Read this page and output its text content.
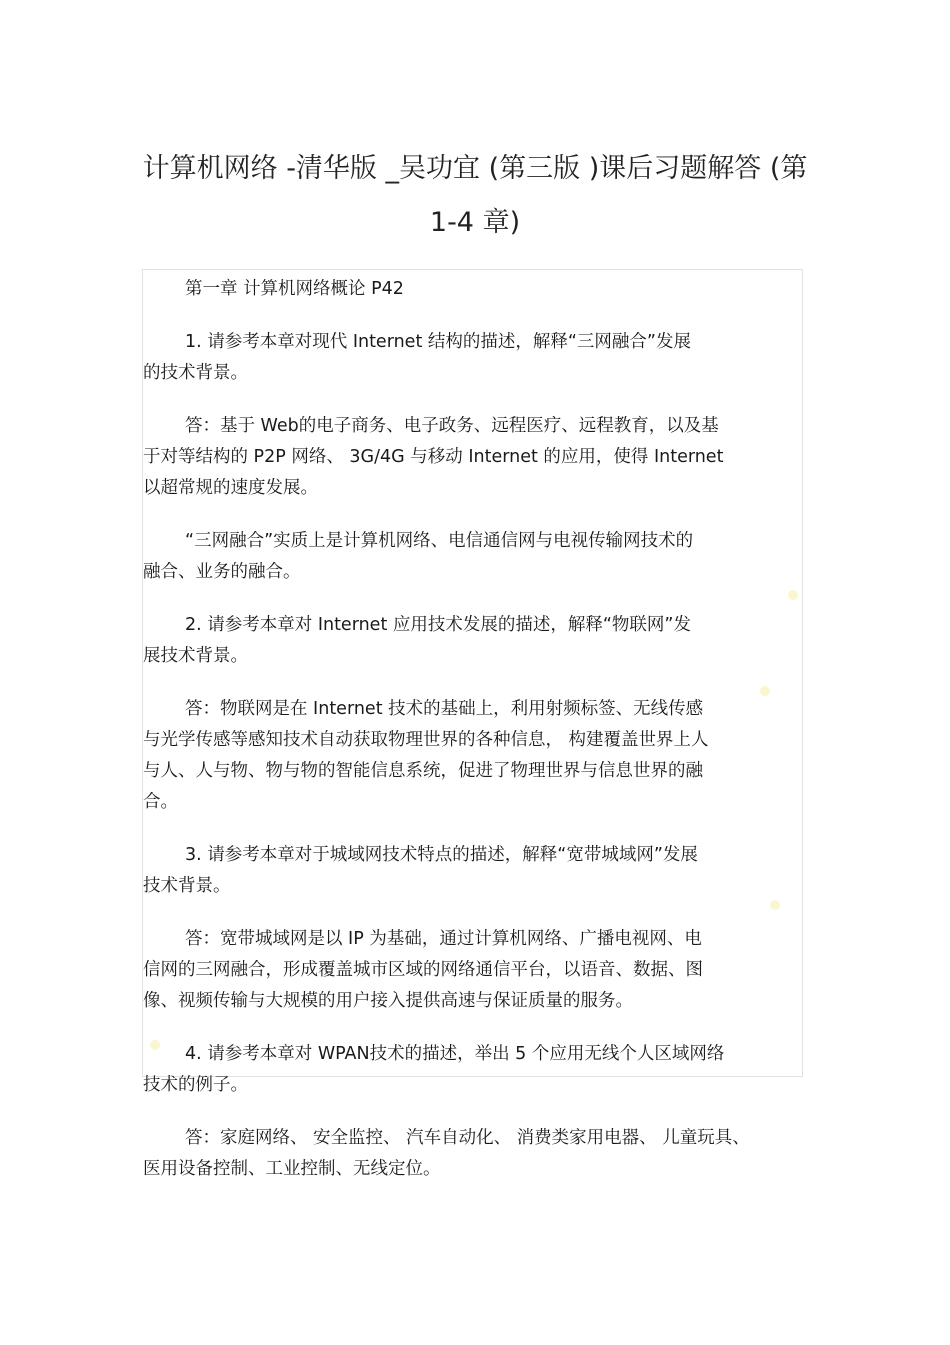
计算机网络 -清华版 _吴功宜 (第三版 )课后习题解答 (第
1-4 章)
第一章 计算机网络概论 P42
1. 请参考本章对现代 Internet 结构的描述，解释“三网融合”发展
的技术背景。
答：基于 Web的电子商务、电子政务、远程医疗、远程教育，以及基
于对等结构的 P2P 网络、 3G/4G 与移动 Internet 的应用，使得 Internet
以超常规的速度发展。
“三网融合”实质上是计算机网络、电信通信网与电视传输网技术的
融合、业务的融合。
2. 请参考本章对 Internet 应用技术发展的描述，解释“物联网”发
展技术背景。
答：物联网是在 Internet 技术的基础上，利用射频标签、无线传感
与光学传感等感知技术自动获取物理世界的各种信息， 构建覆盖世界上人
与人、人与物、物与物的智能信息系统，促进了物理世界与信息世界的融
合。
3. 请参考本章对于城域网技术特点的描述，解释“宽带城域网”发展
技术背景。
答：宽带城域网是以 IP 为基础，通过计算机网络、广播电视网、电
信网的三网融合，形成覆盖城市区域的网络通信平台，以语音、数据、图
像、视频传输与大规模的用户接入提供高速与保证质量的服务。
4. 请参考本章对 WPAN技术的描述，举出 5 个应用无线个人区域网络
技术的例子。
答：家庭网络、 安全监控、 汽车自动化、 消费类家用电器、 儿童玩具、
医用设备控制、工业控制、无线定位。
